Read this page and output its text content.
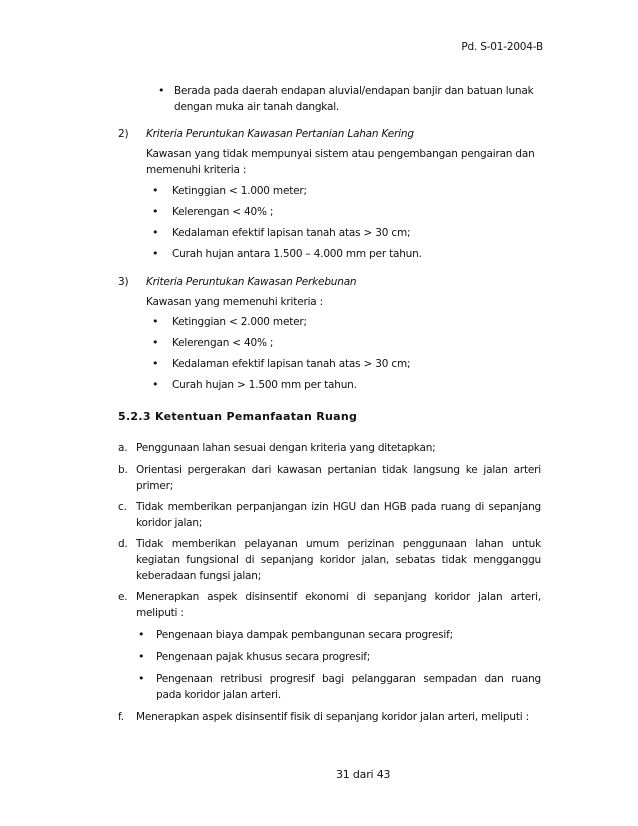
Pd. S-01-2004-B
• Berada pada daerah endapan aluvial/endapan banjir dan batuan lunak
dengan muka air tanah dangkal.
2) Kriteria Peruntukan Kawasan Pertanian Lahan Kering
Kawasan yang tidak mempunyai sistem atau pengembangan pengairan dan
memenuhi kriteria :
• Ketinggian < 1.000 meter;
• Kelerengan < 40% ;
• Kedalaman efektif lapisan tanah atas > 30 cm;
• Curah hujan antara 1.500 – 4.000 mm per tahun.
3) Kriteria Peruntukan Kawasan Perkebunan
Kawasan yang memenuhi kriteria :
• Ketinggian < 2.000 meter;
• Kelerengan < 40% ;
• Kedalaman efektif lapisan tanah atas > 30 cm;
• Curah hujan > 1.500 mm per tahun.
5.2.3 Ketentuan Pemanfaatan Ruang
a. Penggunaan lahan sesuai dengan kriteria yang ditetapkan;
b. Orientasi pergerakan dari kawasan pertanian tidak langsung ke jalan arteri
primer;
c. Tidak memberikan perpanjangan izin HGU dan HGB pada ruang di sepanjang
koridor jalan;
d. Tidak memberikan pelayanan umum perizinan penggunaan lahan untuk
kegiatan fungsional di sepanjang koridor jalan, sebatas tidak mengganggu
keberadaan fungsi jalan;
e. Menerapkan aspek disinsentif ekonomi di sepanjang koridor jalan arteri,
meliputi :
• Pengenaan biaya dampak pembangunan secara progresif;
• Pengenaan pajak khusus secara progresif;
• Pengenaan retribusi progresif bagi pelanggaran sempadan dan ruang
pada koridor jalan arteri.
f. Menerapkan aspek disinsentif fisik di sepanjang koridor jalan arteri, meliputi :
31 dari 43
